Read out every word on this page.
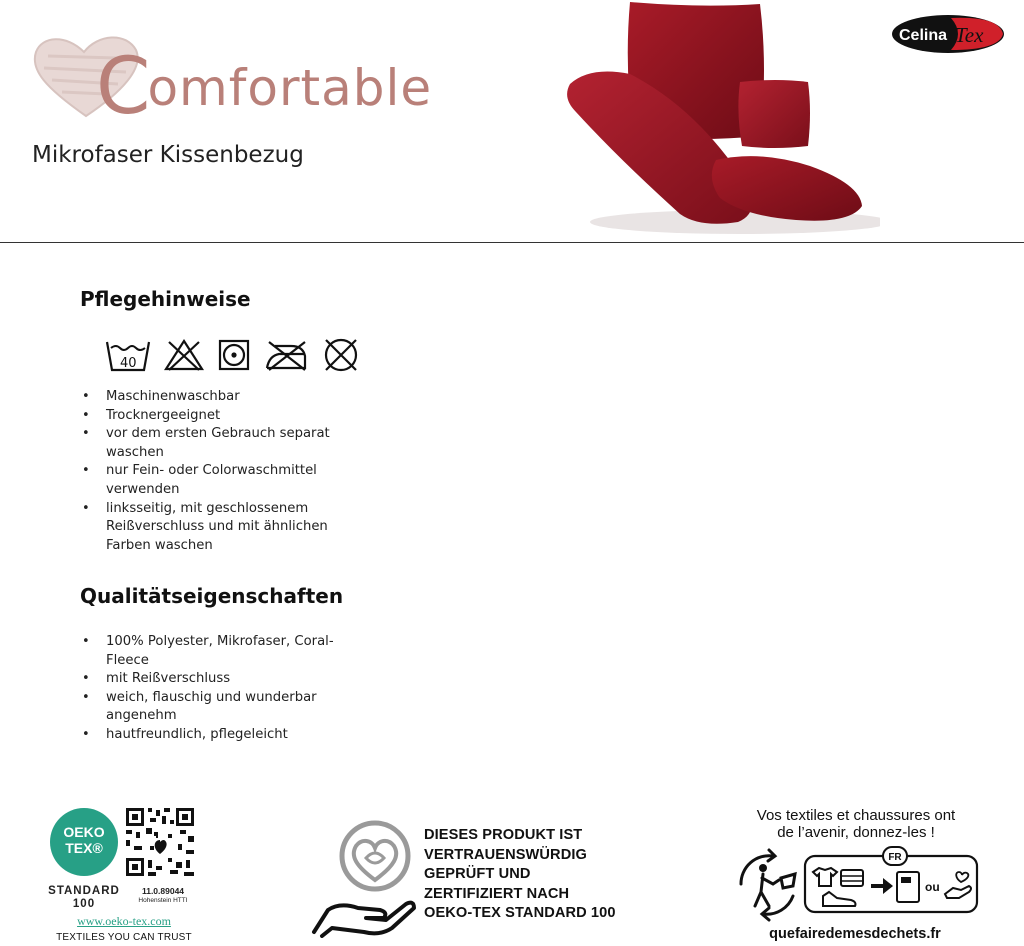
Comfortable
Mikrofaser Kissenbezug
Celina Tex
Pflegehinweise
40
• Maschinenwaschbar
• Trocknergeeignet
• vor dem ersten Gebrauch separat waschen
• nur Fein- oder Colorwaschmittel verwenden
• linksseitig, mit geschlossenem Reißverschluss und mit ähnlichen Farben waschen
Qualitätseigenschaften
• 100% Polyester, Mikrofaser, Coral-Fleece
• mit Reißverschluss
• weich, flauschig und wunderbar angenehm
• hautfreundlich, pflegeleicht
OEKO
TEX®
STANDARD
100
11.0.89044
Hohenstein HTTI
www.oeko-tex.com
TEXTILES YOU CAN TRUST
DIESES PRODUKT IST
VERTRAUENSWÜRDIG
GEPRÜFT UND
ZERTIFIZIERT NACH
OEKO-TEX STANDARD 100
Vos textiles et chaussures ont
de l’avenir, donnez-les !
FR
ou
quefairedemesdechets.fr
